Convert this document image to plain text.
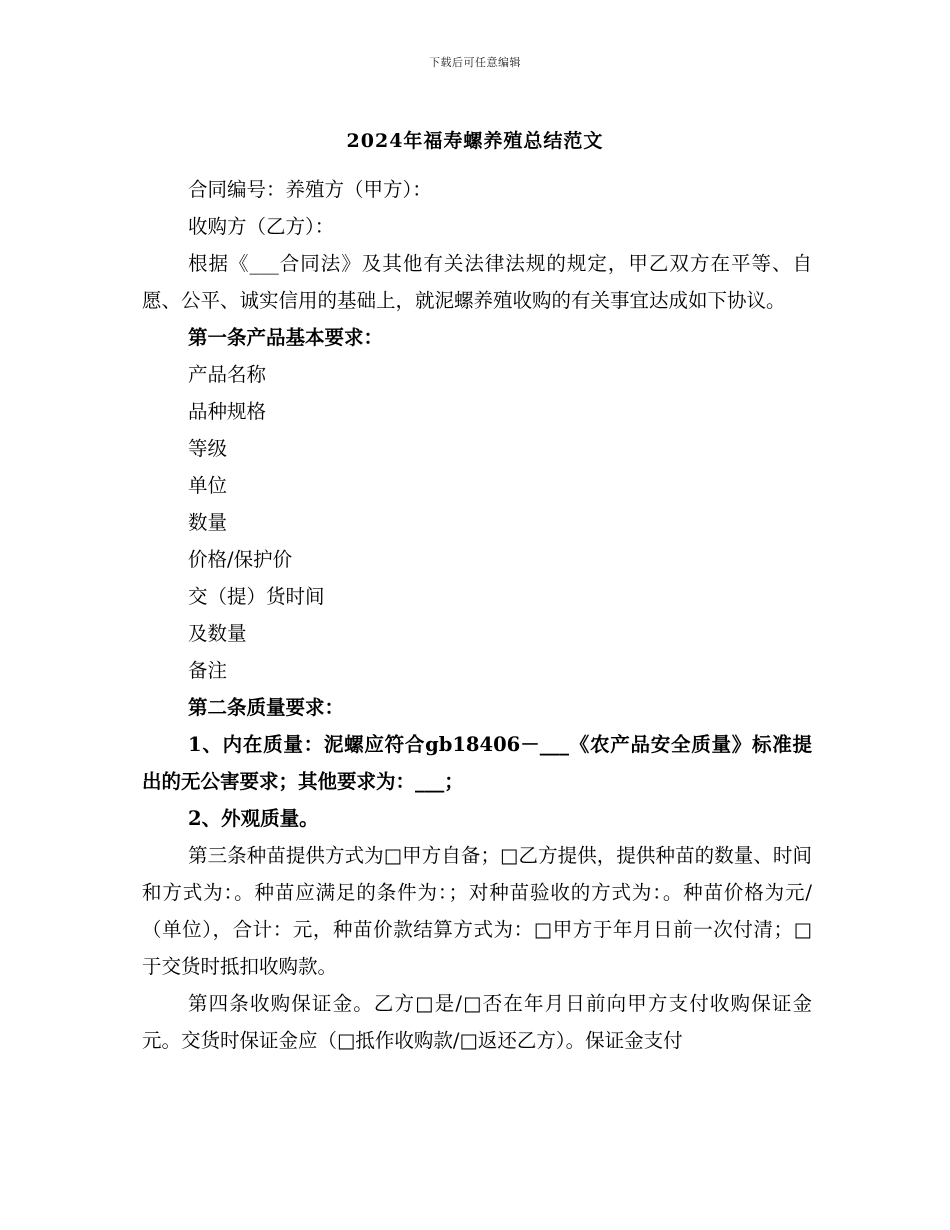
下载后可任意编辑
2024年福寿螺养殖总结范文

合同编号：养殖方（甲方）：

收购方（乙方）：

根据《___合同法》及其他有关法律法规的规定，甲乙双方在平等、自愿、公平、诚实信用的基础上，就泥螺养殖收购的有关事宜达成如下协议。

第一条产品基本要求：

产品名称

品种规格

等级

单位

数量

价格/保护价

交（提）货时间

及数量

备注

第二条质量要求：

1、内在质量：泥螺应符合gb18406－___《农产品安全质量》标准提出的无公害要求；其他要求为：___；

2、外观质量。

第三条种苗提供方式为□甲方自备；□乙方提供，提供种苗的数量、时间和方式为：。种苗应满足的条件为：；对种苗验收的方式为：。种苗价格为元/（单位），合计：元，种苗价款结算方式为：□甲方于年月日前一次付清；□于交货时抵扣收购款。

第四条收购保证金。乙方□是/□否在年月日前向甲方支付收购保证金元。交货时保证金应（□抵作收购款/□返还乙方）。保证金支付
